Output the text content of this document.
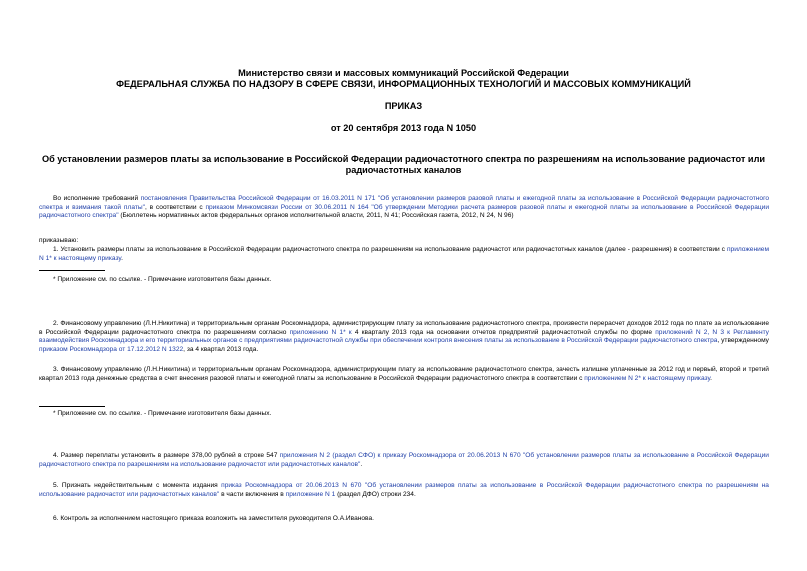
Министерство связи и массовых коммуникаций Российской Федерации
ФЕДЕРАЛЬНАЯ СЛУЖБА ПО НАДЗОРУ В СФЕРЕ СВЯЗИ, ИНФОРМАЦИОННЫХ ТЕХНОЛОГИЙ И МАССОВЫХ КОММУНИКАЦИЙ
ПРИКАЗ
от 20 сентября 2013 года N 1050
Об установлении размеров платы за использование в Российской Федерации радиочастотного спектра по разрешениям на использование радиочастот или
радиочастотных каналов
Во исполнение требований постановления Правительства Российской Федерации от 16.03.2011 N 171 "Об установлении размеров разовой платы и ежегодной платы за использование в Российской Федерации радиочастотного спектра и взимания такой платы", в соответствии с приказом Минкомсвязи России от 30.06.2011 N 164 "Об утверждении Методики расчета размеров разовой платы и ежегодной платы за использование в Российской Федерации радиочастотного спектра" (Бюллетень нормативных актов федеральных органов исполнительной власти, 2011, N 41; Российская газета, 2012, N 24, N 96)
приказываю:
1. Установить размеры платы за использование в Российской Федерации радиочастотного спектра по разрешениям на использование радиочастот или радиочастотных каналов (далее - разрешения) в соответствии с приложением N 1* к настоящему приказу.
* Приложение см. по ссылке. - Примечание изготовителя базы данных.
2. Финансовому управлению (Л.Н.Никитина) и территориальным органам Роскомнадзора, администрирующим плату за использование радиочастотного спектра, произвести перерасчет доходов 2012 года по плате за использование в Российской Федерации радиочастотного спектра по разрешениям согласно приложению N 1* к 4 кварталу 2013 года на основании отчетов предприятий радиочастотной службы по форме приложений N 2, N 3 к Регламенту взаимодействия Роскомнадзора и его территориальных органов с предприятиями радиочастотной службы при обеспечении контроля внесения платы за использование в Российской Федерации радиочастотного спектра, утвержденному приказом Роскомнадзора от 17.12.2012 N 1322, за 4 квартал 2013 года.
3. Финансовому управлению (Л.Н.Никитина) и территориальным органам Роскомнадзора, администрирующим плату за использование радиочастотного спектра, зачесть излишне уплаченные за 2012 год и первый, второй и третий квартал 2013 года денежные средства в счет внесения разовой платы и ежегодной платы за использование в Российской Федерации радиочастотного спектра в соответствии с приложением N 2* к настоящему приказу.
* Приложение см. по ссылке. - Примечание изготовителя базы данных.
4. Размер переплаты установить в размере 378,00 рублей в строке 547 приложения N 2 (раздел СФО) к приказу Роскомнадзора от 20.06.2013 N 670 "Об установлении размеров платы за использование в Российской Федерации радиочастотного спектра по разрешениям на использование радиочастот или радиочастотных каналов".
5. Признать недействительным с момента издания приказ Роскомнадзора от 20.06.2013 N 670 "Об установлении размеров платы за использование в Российской Федерации радиочастотного спектра по разрешениям на использование радиочастот или радиочастотных каналов" в части включения в приложение N 1 (раздел ДФО) строки 234.
6. Контроль за исполнением настоящего приказа возложить на заместителя руководителя О.А.Иванова.
